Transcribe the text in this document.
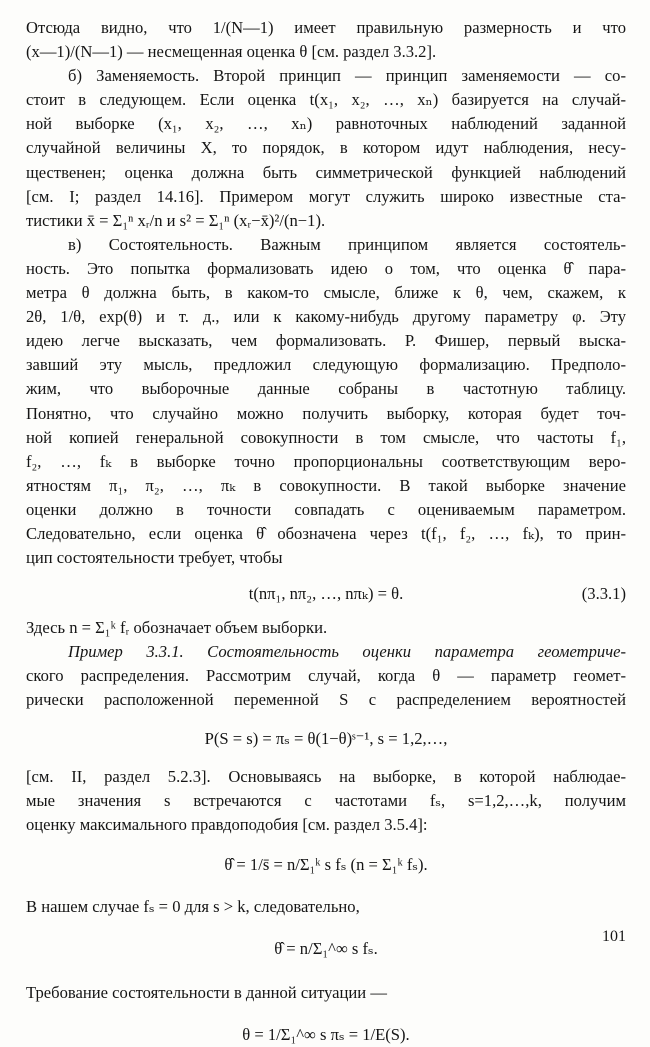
Отсюда видно, что 1/(N—1) имеет правильную размерность и что
(x—1)/(N—1) — несмещенная оценка θ [см. раздел 3.3.2].
б) Заменяемость. Второй принцип — принцип заменяемости — со-
стоит в следующем. Если оценка t(x₁, x₂, …, xₙ) базируется на случай-
ной выборке (x₁, x₂, …, xₙ) равноточных наблюдений заданной
случайной величины X, то порядок, в котором идут наблюдения, несу-
щественен; оценка должна быть симметрической функцией наблюдений
[см. I; раздел 14.16]. Примером могут служить широко известные ста-
тистики x̄ = Σ₁ⁿ xᵣ/n и s² = Σ₁ⁿ (xᵣ−x̄)²/(n−1).
в) Состоятельность. Важным принципом является состоятель-
ность. Это попытка формализовать идею о том, что оценка θ̂ пара-
метра θ должна быть, в каком-то смысле, ближе к θ, чем, скажем, к
2θ, 1/θ, exp(θ) и т. д., или к какому-нибудь другому параметру φ. Эту
идею легче высказать, чем формализовать. Р. Фишер, первый выска-
завший эту мысль, предложил следующую формализацию. Предполо-
жим, что выборочные данные собраны в частотную таблицу.
Понятно, что случайно можно получить выборку, которая будет точ-
ной копией генеральной совокупности в том смысле, что частоты f₁,
f₂, …, fₖ в выборке точно пропорциональны соответствующим веро-
ятностям π₁, π₂, …, πₖ в совокупности. В такой выборке значение
оценки должно в точности совпадать с оцениваемым параметром.
Следовательно, если оценка θ̂ обозначена через t(f₁, f₂, …, fₖ), то прин-
цип состоятельности требует, чтобы
t(nπ₁, nπ₂, …, nπₖ) = θ.	(3.3.1)
Здесь n = Σ₁ᵏ fᵣ обозначает объем выборки.
Пример 3.3.1. Состоятельность оценки параметра геометриче-
ского распределения. Рассмотрим случай, когда θ — параметр геомет-
рически расположенной переменной S с распределением вероятностей
P(S = s) = πₛ = θ(1−θ)ˢ⁻¹, s = 1,2,…,
[см. II, раздел 5.2.3]. Основываясь на выборке, в которой наблюдае-
мые значения s встречаются с частотами fₛ, s=1,2,…,k, получим
оценку максимального правдоподобия [см. раздел 3.5.4]:
θ̂ = 1/s̄ = n/Σ₁ᵏ s fₛ (n = Σ₁ᵏ fₛ).
В нашем случае fₛ = 0 для s > k, следовательно,
θ̂ = n/Σ₁^∞ s fₛ.
Требование состоятельности в данной ситуации —
θ = 1/Σ₁^∞ s πₛ = 1/E(S).
101
